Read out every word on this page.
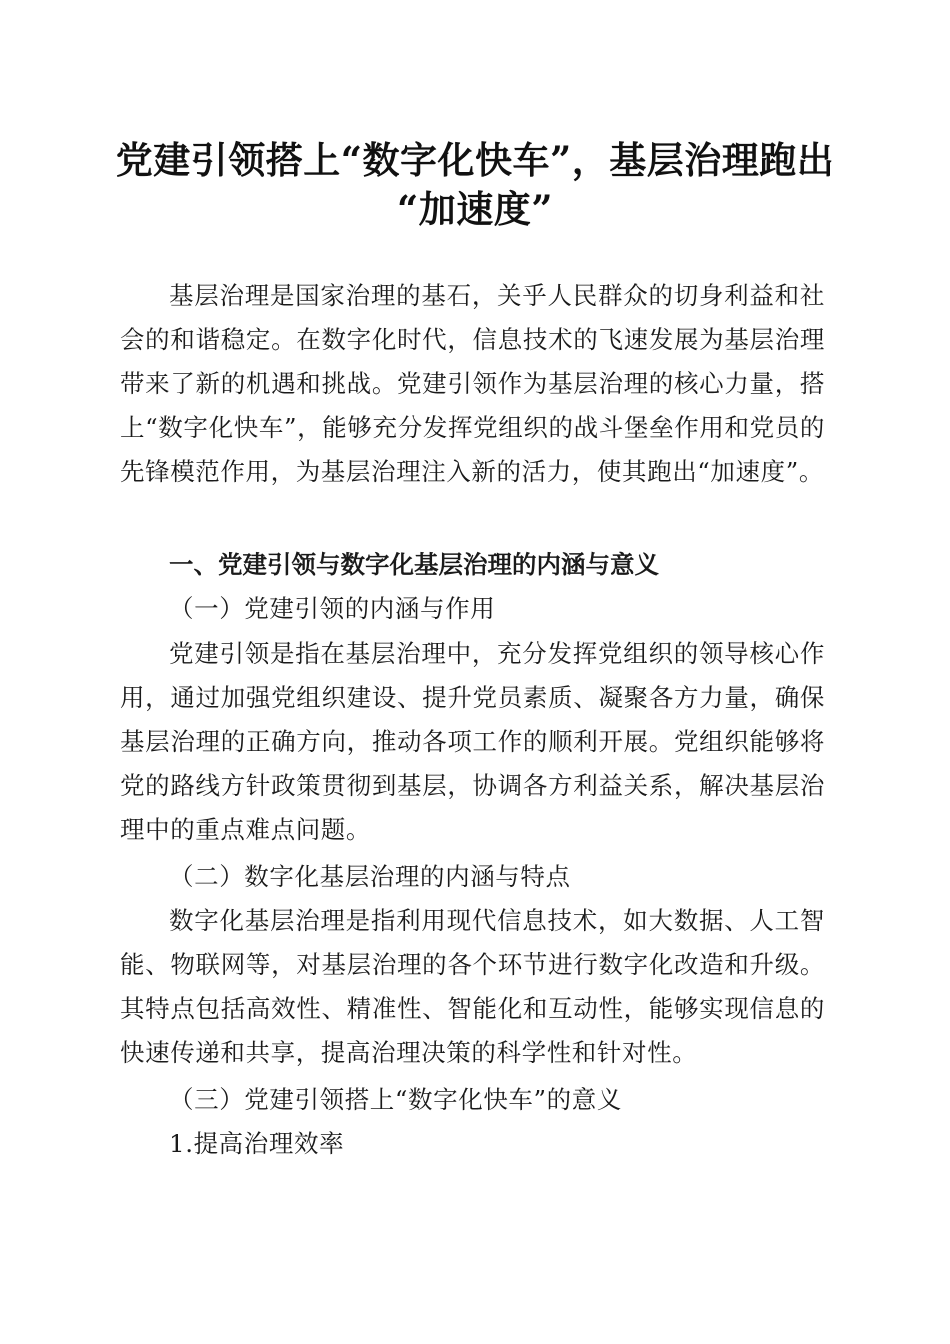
党建引领搭上“数字化快车”，基层治理跑出
“加速度”

基层治理是国家治理的基石，关乎人民群众的切身利益和社会的和谐稳定。在数字化时代，信息技术的飞速发展为基层治理带来了新的机遇和挑战。党建引领作为基层治理的核心力量，搭上“数字化快车”，能够充分发挥党组织的战斗堡垒作用和党员的先锋模范作用，为基层治理注入新的活力，使其跑出“加速度”。

一、党建引领与数字化基层治理的内涵与意义

（一）党建引领的内涵与作用

党建引领是指在基层治理中，充分发挥党组织的领导核心作用，通过加强党组织建设、提升党员素质、凝聚各方力量，确保基层治理的正确方向，推动各项工作的顺利开展。党组织能够将党的路线方针政策贯彻到基层，协调各方利益关系，解决基层治理中的重点难点问题。

（二）数字化基层治理的内涵与特点

数字化基层治理是指利用现代信息技术，如大数据、人工智能、物联网等，对基层治理的各个环节进行数字化改造和升级。其特点包括高效性、精准性、智能化和互动性，能够实现信息的快速传递和共享，提高治理决策的科学性和针对性。

（三）党建引领搭上“数字化快车”的意义

1.提高治理效率
